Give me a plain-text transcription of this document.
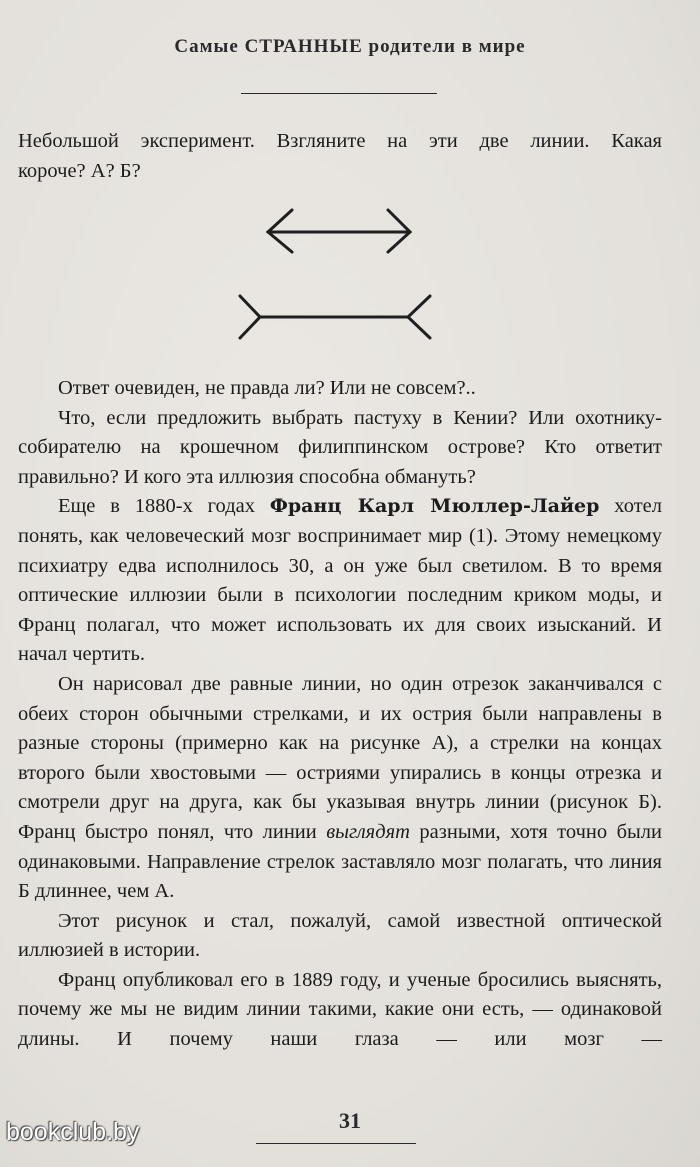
Самые СТРАННЫЕ родители в мире

Небольшой эксперимент. Взгляните на эти две линии. Какая

короче? А? Б?

Ответ очевиден, не правда ли? Или не совсем?..

Что, если предложить выбрать пастуху в Кении? Или охотнику-собирателю на крошечном филиппинском острове? Кто ответит правильно? И кого эта иллюзия способна обмануть?

Еще в 1880-х годах Франц Карл Мюллер-Лайер хотел понять, как человеческий мозг воспринимает мир (1). Этому немецкому психиатру едва исполнилось 30, а он уже был светилом. В то время оптические иллюзии были в психологии последним криком моды, и Франц полагал, что может использовать их для своих изысканий. И начал чертить.

Он нарисовал две равные линии, но один отрезок заканчивался с обеих сторон обычными стрелками, и их острия были направлены в разные стороны (примерно как на рисунке А), а стрелки на концах второго были хвостовыми — остриями упирались в концы отрезка и смотрели друг на друга, как бы указывая внутрь линии (рисунок Б). Франц быстро понял, что линии выглядят разными, хотя точно были одинаковыми. Направление стрелок заставляло мозг полагать, что линия Б длиннее, чем А.

Этот рисунок и стал, пожалуй, самой известной оптической иллюзией в истории.

Франц опубликовал его в 1889 году, и ученые бросились выяснять, почему же мы не видим линии такими, какие они есть, — одинаковой длины. И почему наши глаза — или мозг —

31
bookclub.by
